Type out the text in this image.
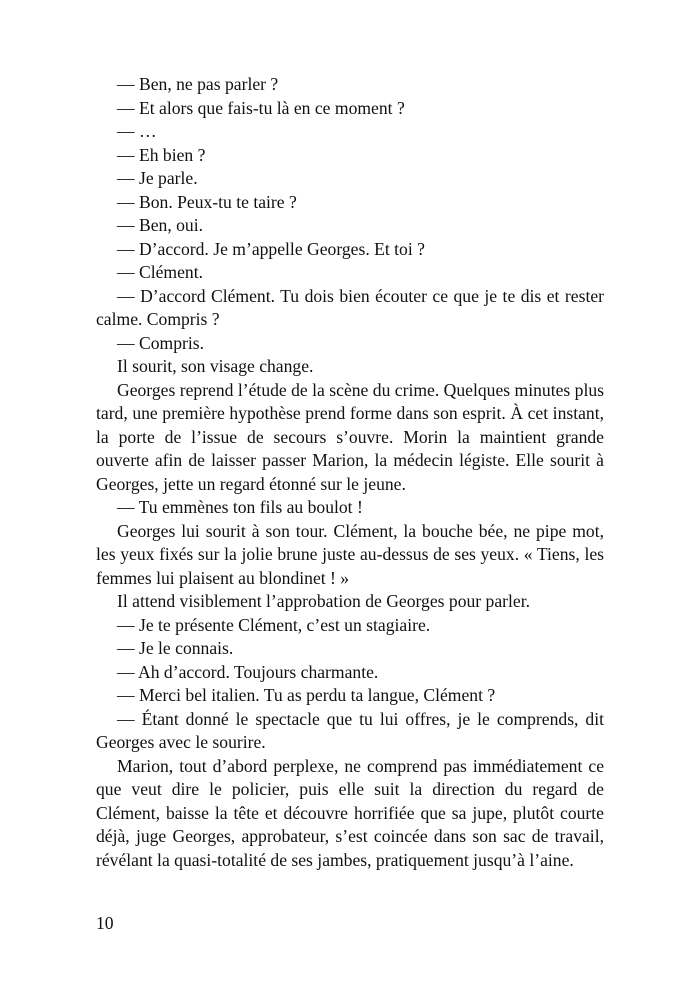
— Ben, ne pas parler ?

— Et alors que fais-tu là en ce moment ?

— …

— Eh bien ?

— Je parle.

— Bon. Peux-tu te taire ?

— Ben, oui.

— D’accord. Je m’appelle Georges. Et toi ?

— Clément.

— D’accord Clément. Tu dois bien écouter ce que je te dis et rester calme. Compris ?

— Compris.

Il sourit, son visage change.

Georges reprend l’étude de la scène du crime. Quelques minutes plus tard, une première hypothèse prend forme dans son esprit. À cet instant, la porte de l’issue de secours s’ouvre. Morin la maintient grande ouverte afin de laisser passer Marion, la médecin légiste. Elle sourit à Georges, jette un regard étonné sur le jeune.

— Tu emmènes ton fils au boulot !

Georges lui sourit à son tour. Clément, la bouche bée, ne pipe mot, les yeux fixés sur la jolie brune juste au-dessus de ses yeux. « Tiens, les femmes lui plaisent au blondinet ! »

Il attend visiblement l’approbation de Georges pour parler.

— Je te présente Clément, c’est un stagiaire.

— Je le connais.

— Ah d’accord. Toujours charmante.

— Merci bel italien. Tu as perdu ta langue, Clément ?

— Étant donné le spectacle que tu lui offres, je le comprends, dit Georges avec le sourire.

Marion, tout d’abord perplexe, ne comprend pas immédiatement ce que veut dire le policier, puis elle suit la direction du regard de Clément, baisse la tête et découvre horrifiée que sa jupe, plutôt courte déjà, juge Georges, approbateur, s’est coincée dans son sac de travail, révélant la quasi-totalité de ses jambes, pratiquement jusqu’à l’aine.

10
